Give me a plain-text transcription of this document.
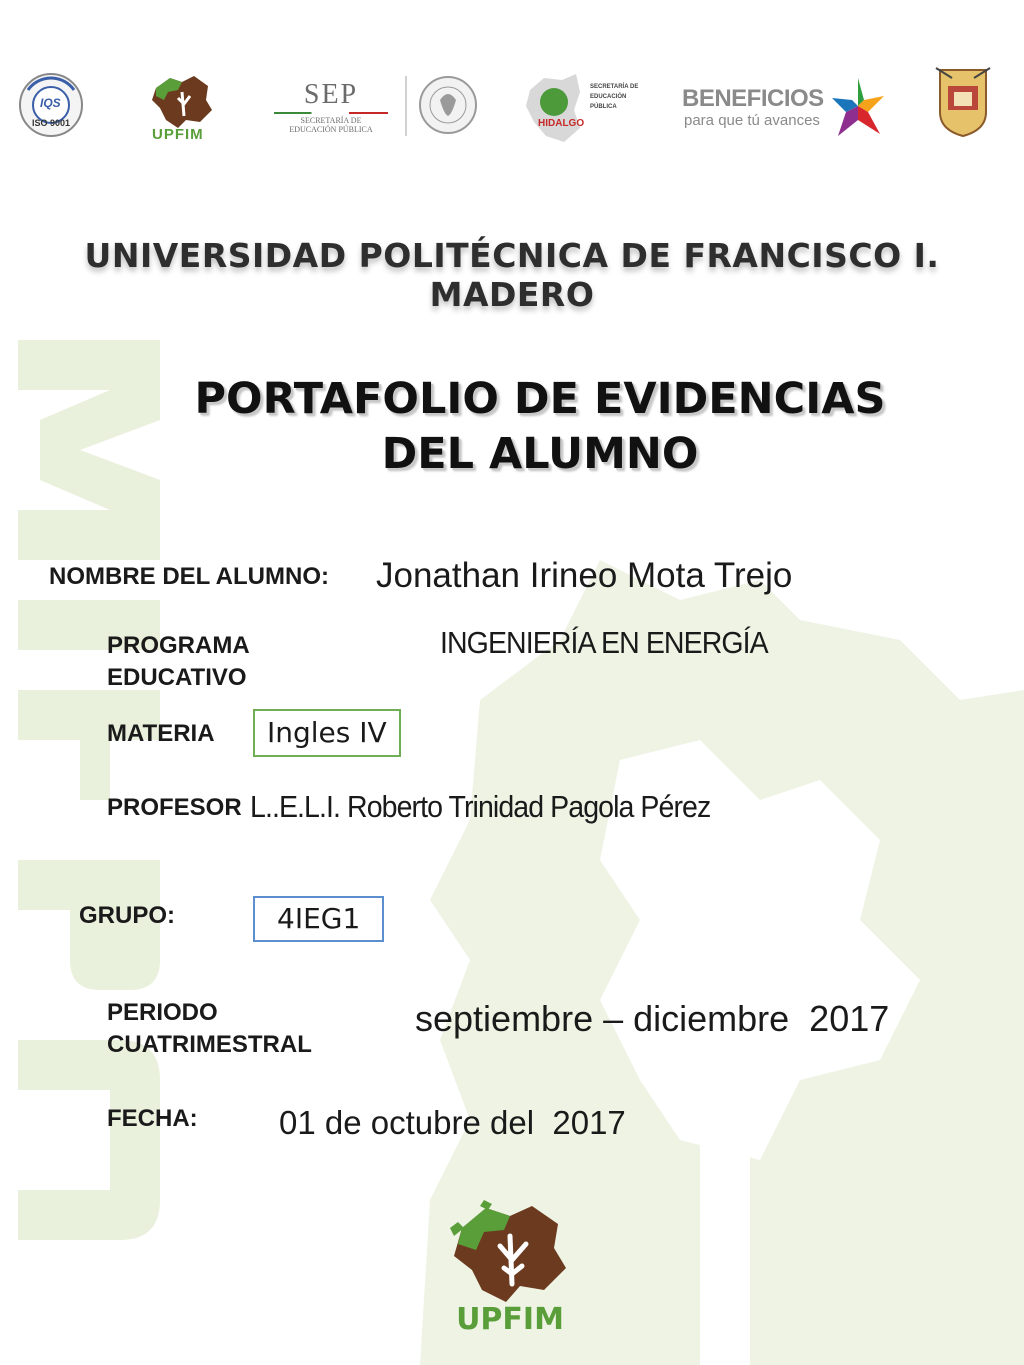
IQS
ISO 9001
UPFIM
SEP
SECRETARÍA DE
EDUCACIÓN PÚBLICA
HIDALGO
SECRETARÍA DE
EDUCACIÓN
PÚBLICA	BENEFICIOS
para que tú avances
UNIVERSIDAD POLITÉCNICA DE FRANCISCO I. MADERO
PORTAFOLIO DE EVIDENCIAS
DEL ALUMNO
NOMBRE DEL ALUMNO: Jonathan Irineo Mota Trejo
PROGRAMA
EDUCATIVO
INGENIERÍA EN ENERGÍA
MATERIA	Ingles IV
PROFESOR L..E.L.I. Roberto Trinidad Pagola Pérez
GRUPO:	4IEG1
PERIODO
CUATRIMESTRAL
septiembre – diciembre  2017
FECHA: 01 de octubre del  2017
UPFIM
